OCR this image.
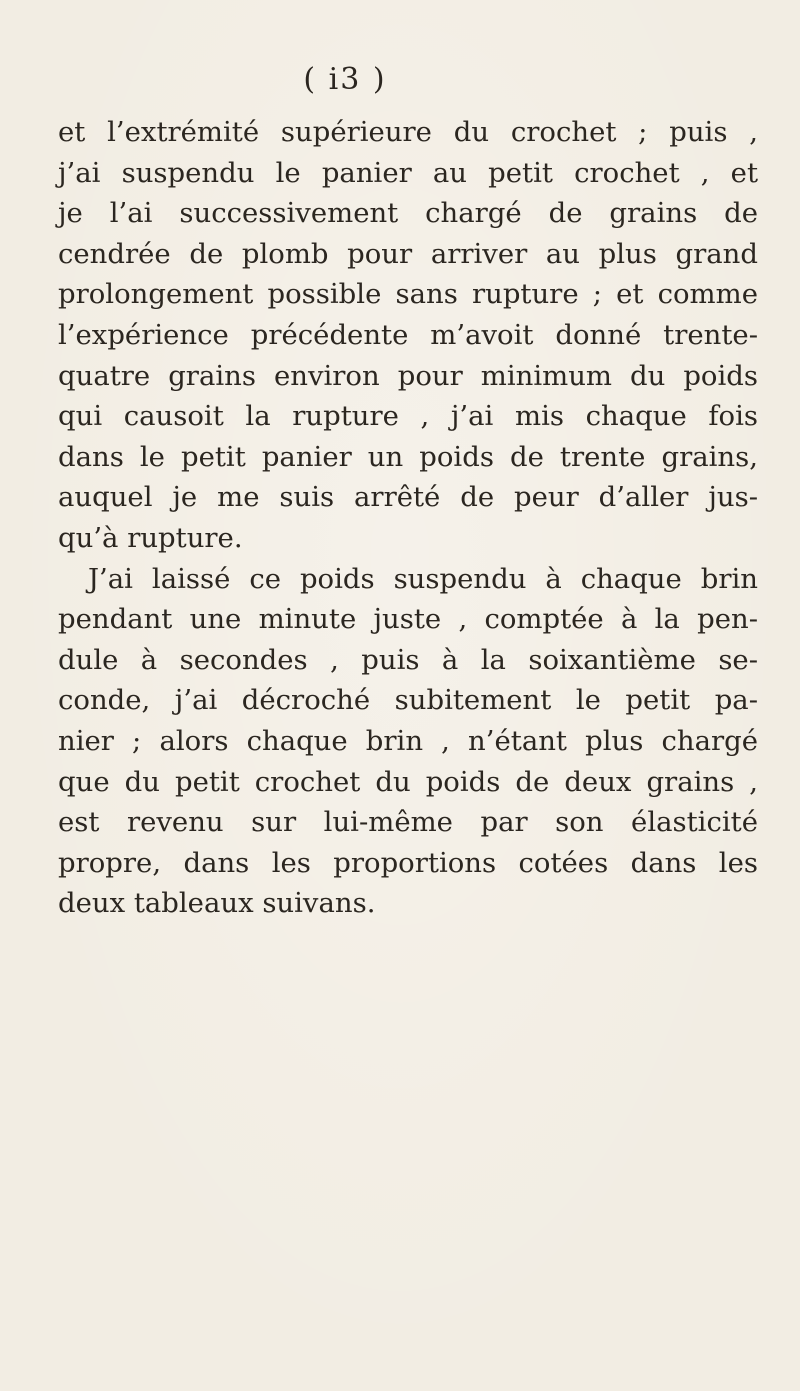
( i3 )
et l’extrémité supérieure du crochet ; puis ,
j’ai suspendu le panier au petit crochet , et
je l’ai successivement chargé de grains de
cendrée de plomb pour arriver au plus grand
prolongement possible sans rupture ; et comme
l’expérience précédente m’avoit donné trente-
quatre grains environ pour minimum du poids
qui causoit la rupture , j’ai mis chaque fois
dans le petit panier un poids de trente grains,
auquel je me suis arrêté de peur d’aller jus-
qu’à rupture.
J’ai laissé ce poids suspendu à chaque brin
pendant une minute juste , comptée à la pen-
dule à secondes , puis à la soixantième se-
conde, j’ai décroché subitement le petit pa-
nier ; alors chaque brin , n’étant plus chargé
que du petit crochet du poids de deux grains ,
est revenu sur lui-même par son élasticité
propre, dans les proportions cotées dans les
deux tableaux suivans.
